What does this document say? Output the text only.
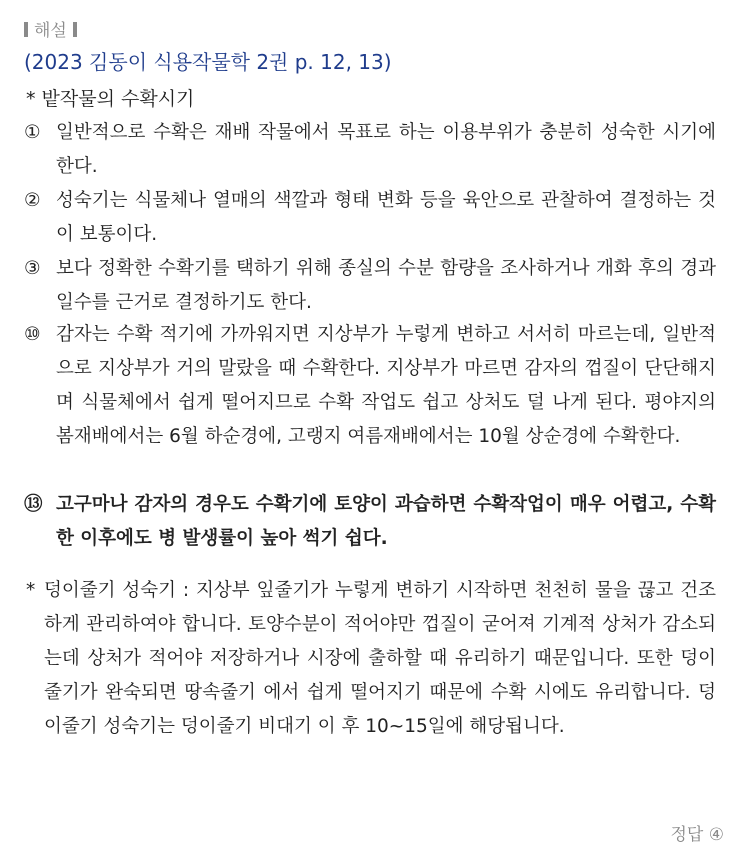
해설
(2023 김동이 식용작물학 2권 p. 12, 13)
* 밭작물의 수확시기
① 일반적으로 수확은 재배 작물에서 목표로 하는 이용부위가 충분히 성숙한 시기에 한다.
② 성숙기는 식물체나 열매의 색깔과 형태 변화 등을 육안으로 관찰하여 결정하는 것이 보통이다.
③ 보다 정확한 수확기를 택하기 위해 종실의 수분 함량을 조사하거나 개화 후의 경과일수를 근거로 결정하기도 한다.
⑩ 감자는 수확 적기에 가까워지면 지상부가 누렇게 변하고 서서히 마르는데, 일반적으로 지상부가 거의 말랐을 때 수확한다. 지상부가 마르면 감자의 껍질이 단단해지며 식물체에서 쉽게 떨어지므로 수확 작업도 쉽고 상처도 덜 나게 된다. 평야지의 봄재배에서는 6월 하순경에, 고랭지 여름재배에서는 10월 상순경에 수확한다.
⑬ 고구마나 감자의 경우도 수확기에 토양이 과습하면 수확작업이 매우 어렵고, 수확한 이후에도 병 발생률이 높아 썩기 쉽다.
* 덩이줄기 성숙기 : 지상부 잎줄기가 누렇게 변하기 시작하면 천천히 물을 끊고 건조하게 관리하여야 합니다. 토양수분이 적어야만 껍질이 굳어져 기계적 상처가 감소되는데 상처가 적어야 저장하거나 시장에 출하할 때 유리하기 때문입니다. 또한 덩이줄기가 완숙되면 땅속줄기 에서 쉽게 떨어지기 때문에 수확 시에도 유리합니다. 덩이줄기 성숙기는 덩이줄기 비대기 이 후 10~15일에 해당됩니다.
정답 ④
